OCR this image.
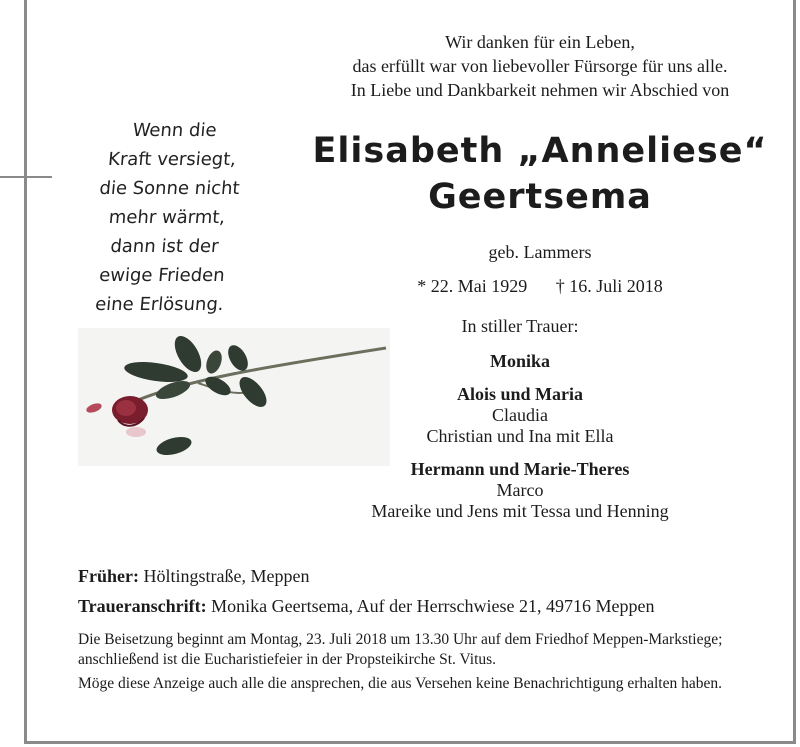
Wir danken für ein Leben,
das erfüllt war von liebevoller Fürsorge für uns alle.
In Liebe und Dankbarkeit nehmen wir Abschied von
Elisabeth „Anneliese“
Geertsema
geb. Lammers
* 22. Mai 1929 † 16. Juli 2018
Wenn die
Kraft versiegt,
die Sonne nicht
mehr wärmt,
dann ist der
ewige Frieden
eine Erlösung.
In stiller Trauer:
Monika
Alois und Maria
Claudia
Christian und Ina mit Ella
Hermann und Marie-Theres
Marco
Mareike und Jens mit Tessa und Henning
Früher: Höltingstraße, Meppen
Traueranschrift: Monika Geertsema, Auf der Herrschwiese 21, 49716 Meppen

Die Beisetzung beginnt am Montag, 23. Juli 2018 um 13.30 Uhr auf dem Friedhof Meppen-Markstiege; anschließend ist die Eucharistiefeier in der Propsteikirche St. Vitus.

Möge diese Anzeige auch alle die ansprechen, die aus Versehen keine Benachrichtigung erhalten haben.
